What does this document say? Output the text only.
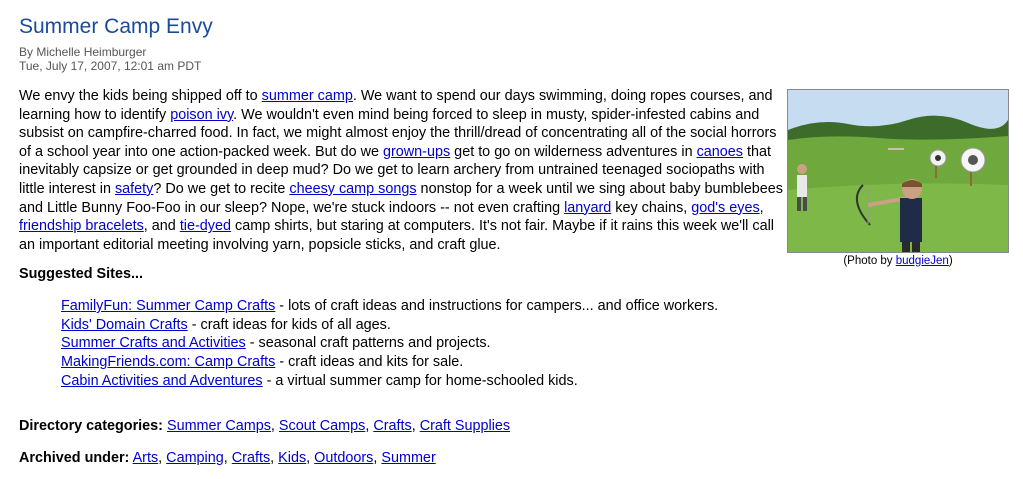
Summer Camp Envy
By Michelle Heimburger
Tue, July 17, 2007, 12:01 am PDT

We envy the kids being shipped off to summer camp. We want to spend our days swimming, doing ropes courses, and learning how to identify poison ivy. We wouldn't even mind being forced to sleep in musty, spider-infested cabins and subsist on campfire-charred food. In fact, we might almost enjoy the thrill/dread of concentrating all of the social horrors of a school year into one action-packed week. But do we grown-ups get to go on wilderness adventures in canoes that inevitably capsize or get grounded in deep mud? Do we get to learn archery from untrained teenaged sociopaths with little interest in safety? Do we get to recite cheesy camp songs nonstop for a week until we sing about baby bumblebees and Little Bunny Foo-Foo in our sleep? Nope, we're stuck indoors -- not even crafting lanyard key chains, god's eyes, friendship bracelets, and tie-dyed camp shirts, but staring at computers. It's not fair. Maybe if it rains this week we'll call an important editorial meeting involving yarn, popsicle sticks, and craft glue.

(Photo by budgieJen)
Suggested Sites...
FamilyFun: Summer Camp Crafts - lots of craft ideas and instructions for campers... and office workers.
Kids' Domain Crafts - craft ideas for kids of all ages.
Summer Crafts and Activities - seasonal craft patterns and projects.
MakingFriends.com: Camp Crafts - craft ideas and kits for sale.
Cabin Activities and Adventures - a virtual summer camp for home-schooled kids.
Directory categories: Summer Camps, Scout Camps, Crafts, Craft Supplies
Archived under: Arts, Camping, Crafts, Kids, Outdoors, Summer
